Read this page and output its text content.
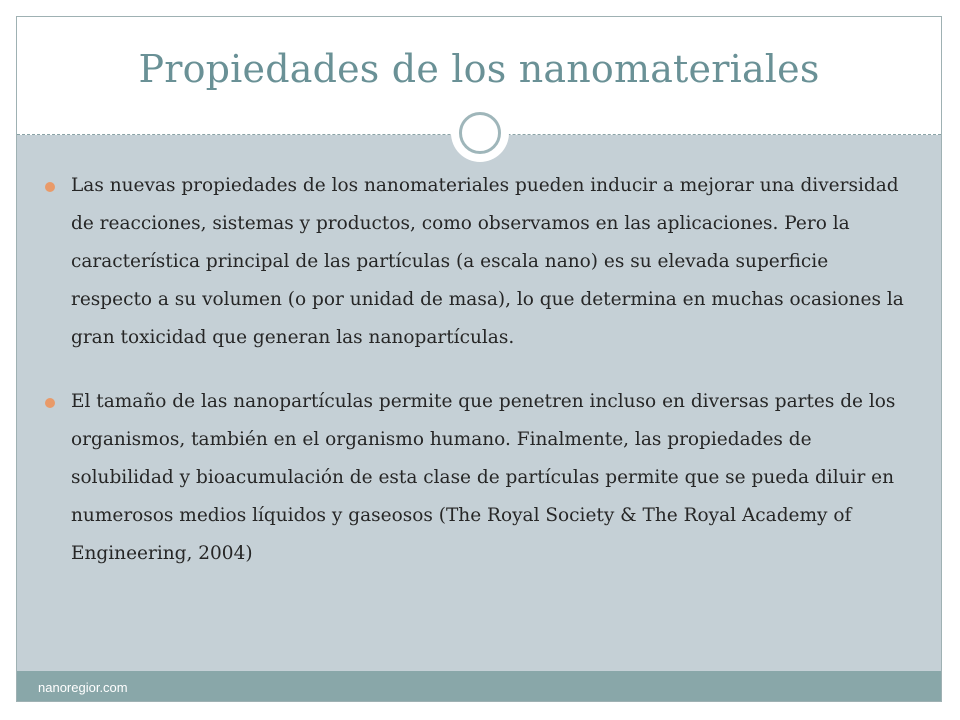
Propiedades de los nanomateriales
Las nuevas propiedades de los nanomateriales pueden inducir a mejorar una diversidad de reacciones, sistemas y productos, como observamos en las aplicaciones. Pero la característica principal de las partículas (a escala nano) es su elevada superficie respecto a su volumen (o por unidad de masa), lo que determina en muchas ocasiones la gran toxicidad que generan las nanopartículas.
El tamaño de las nanopartículas permite que penetren incluso en diversas partes de los organismos, también en el organismo humano. Finalmente, las propiedades de solubilidad y bioacumulación de esta clase de partículas permite que se pueda diluir en numerosos medios líquidos y gaseosos (The Royal Society & The Royal Academy of Engineering, 2004)
nanoregior.com
